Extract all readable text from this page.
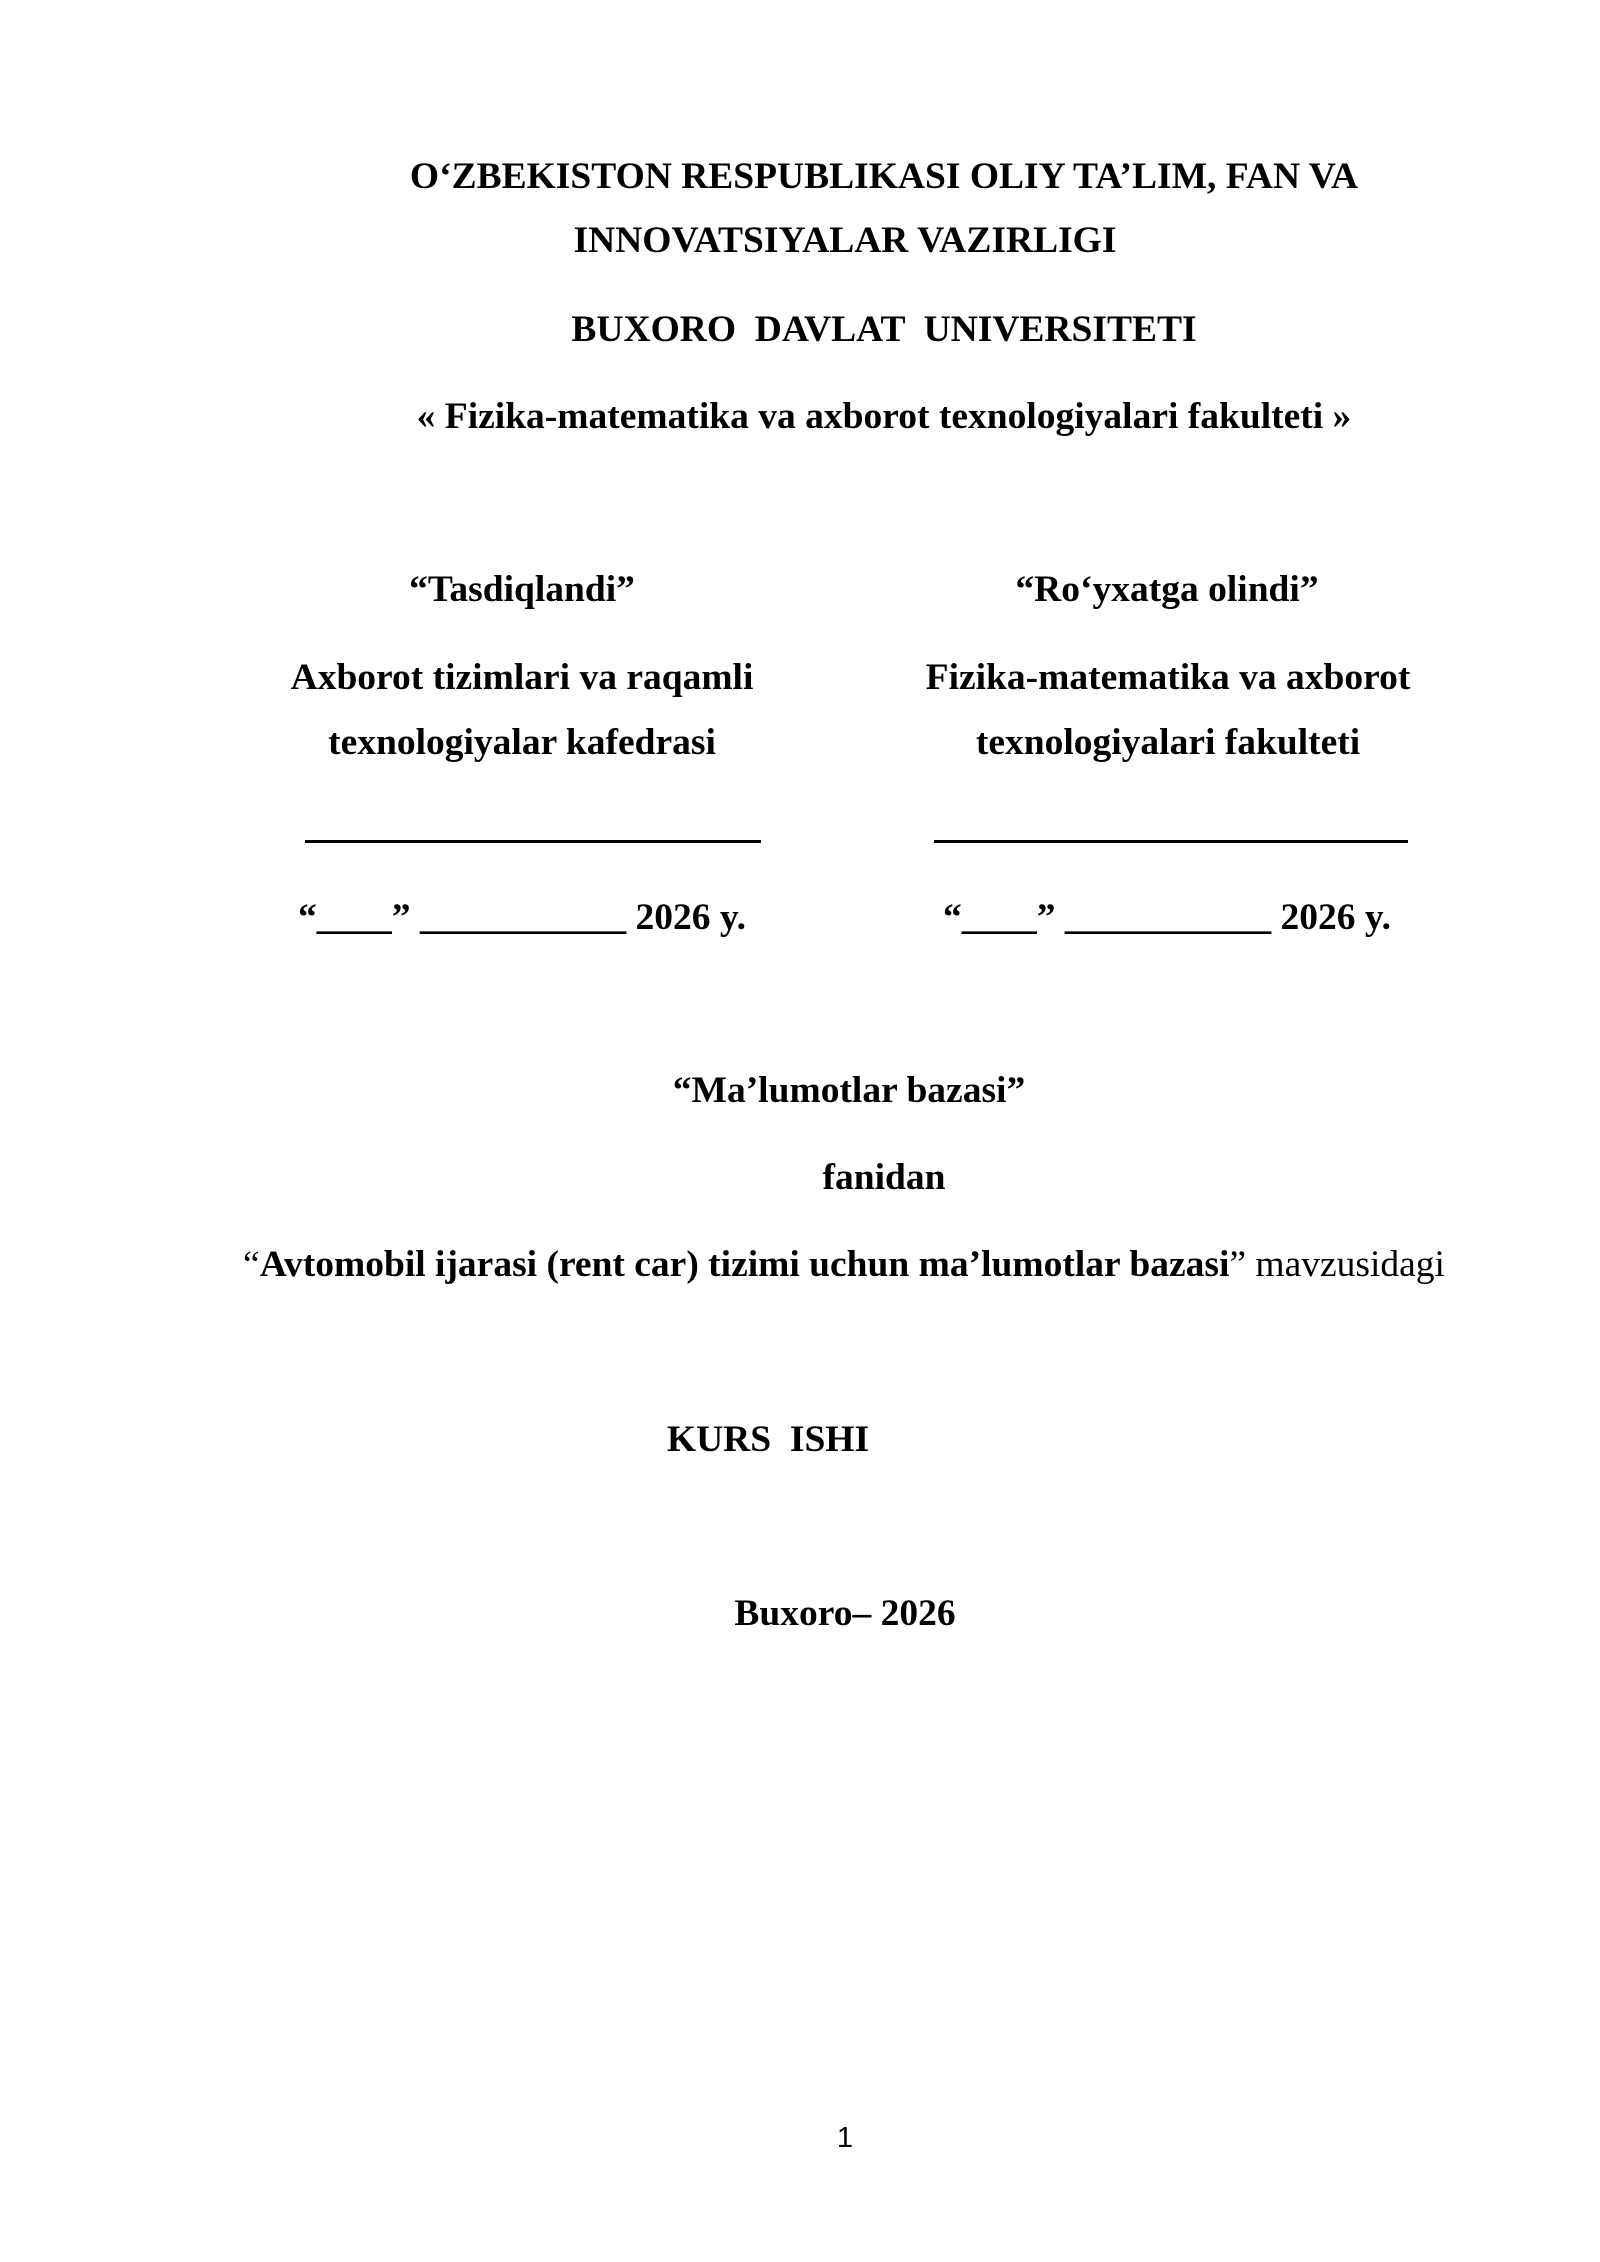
O‘ZBEKISTON RESPUBLIKASI OLIY TA’LIM, FAN VA
INNOVATSIYALAR VAZIRLIGI
BUXORO  DAVLAT  UNIVERSITETI
« Fizika-matematika va axborot texnologiyalari fakulteti »
“Tasdiqlandi”
Axborot tizimlari va raqamli
texnologiyalar kafedrasi
“____” ___________ 2026 y.
“Ro‘yxatga olindi”
Fizika-matematika va axborot
texnologiyalari fakulteti
“____” ___________ 2026 y.
“Ma’lumotlar bazasi”
fanidan
“Avtomobil ijarasi (rent car) tizimi uchun ma’lumotlar bazasi” mavzusidagi
KURS  ISHI
Buxoro– 2026
1
